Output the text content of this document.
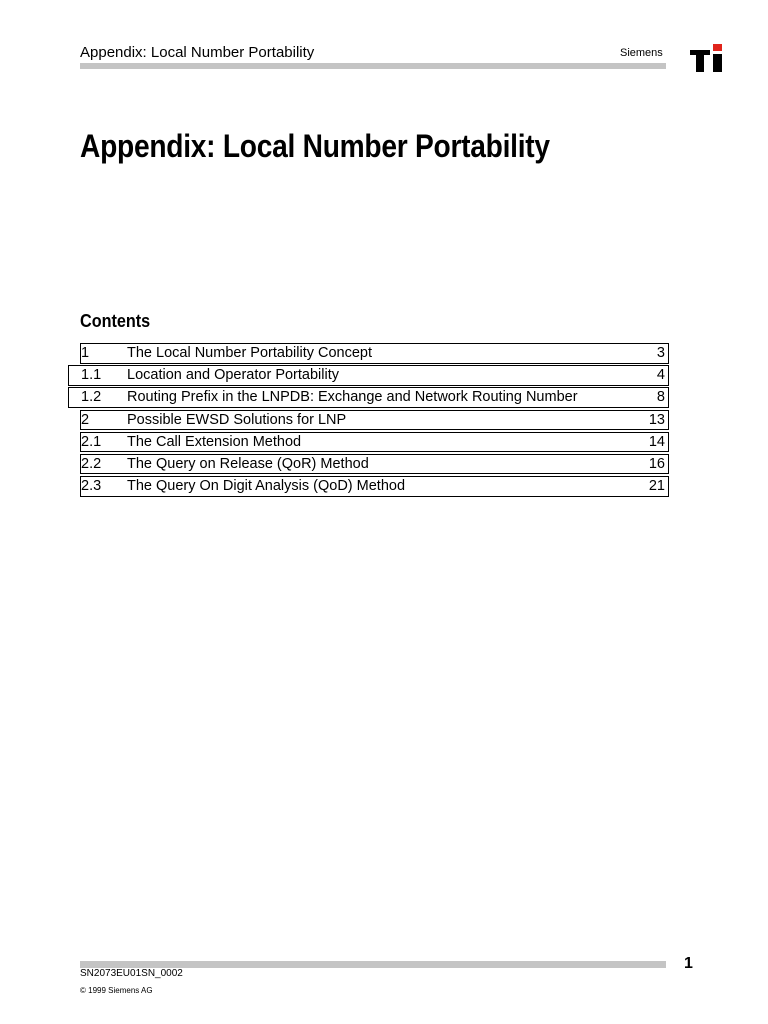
Appendix: Local Number Portability	Siemens
Appendix: Local Number Portability
Contents
1	The Local Number Portability Concept	3
1.1 Location and Operator Portability	4
1.2 Routing Prefix in the LNPDB: Exchange and Network Routing Number	8
2	Possible EWSD Solutions for LNP	13
2.1 The Call Extension Method	14
2.2 The Query on Release (QoR) Method	16
2.3 The Query On Digit Analysis (QoD) Method	21
1
SN2073EU01SN_0002
© 1999 Siemens AG
